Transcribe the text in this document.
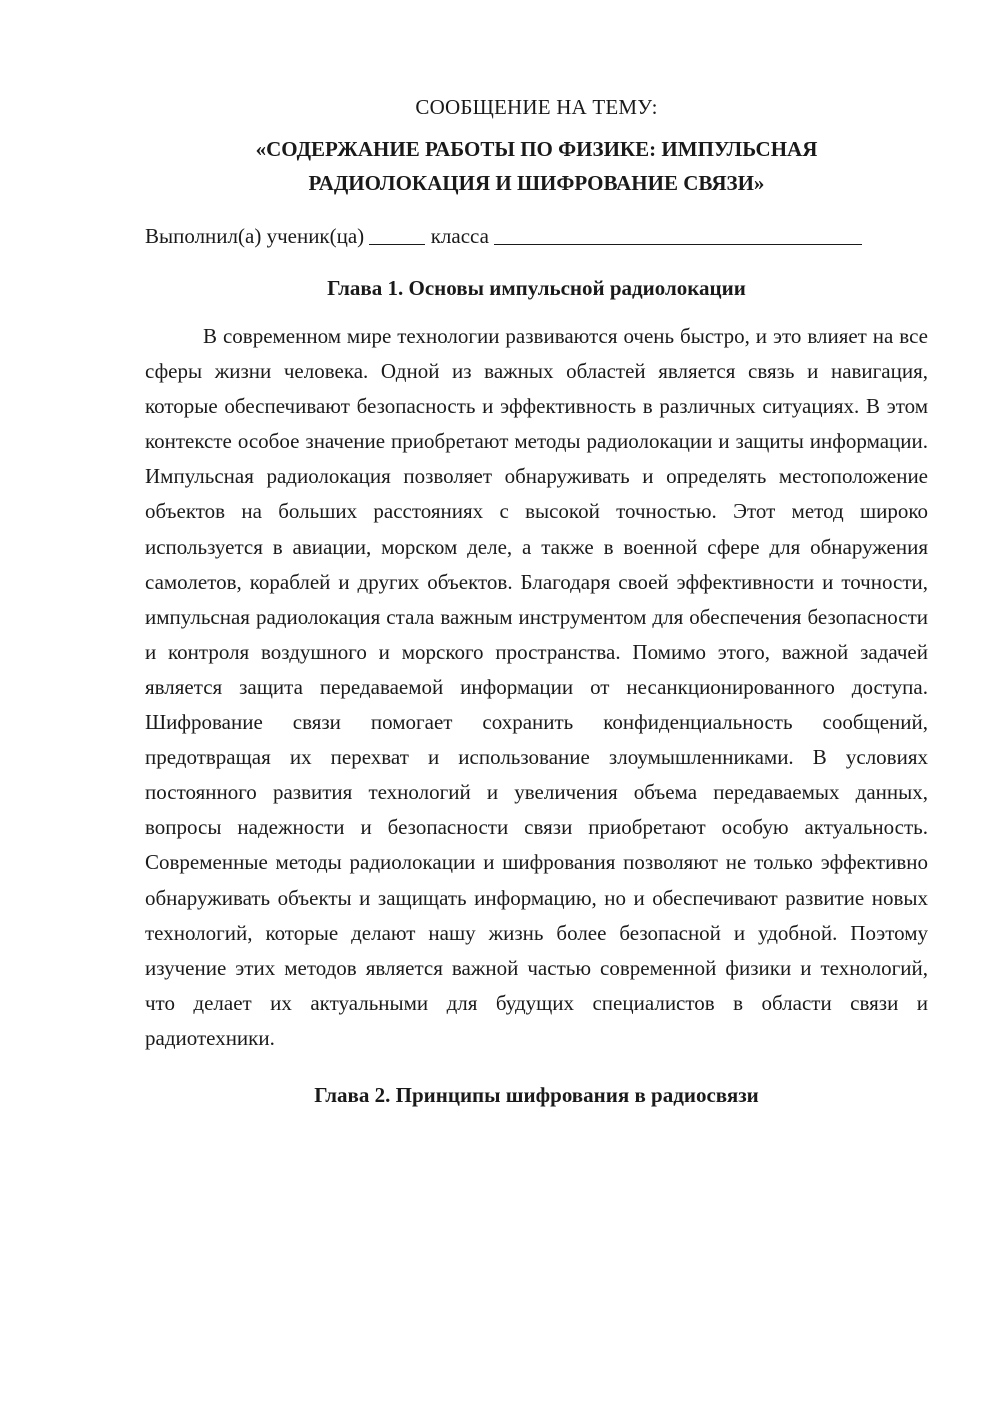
СООБЩЕНИЕ НА ТЕМУ:

«СОДЕРЖАНИЕ РАБОТЫ ПО ФИЗИКЕ: ИМПУЛЬСНАЯ
РАДИОЛОКАЦИЯ И ШИФРОВАНИЕ СВЯЗИ»

Выполнил(а) ученик(ца)	класса

Глава 1. Основы импульсной радиолокации

В современном мире технологии развиваются очень быстро, и это влияет на все сферы жизни человека. Одной из важных областей является связь и навигация, которые обеспечивают безопасность и эффективность в различных ситуациях. В этом контексте особое значение приобретают методы радиолокации и защиты информации. Импульсная радиолокация позволяет обнаруживать и определять местоположение объектов на больших расстояниях с высокой точностью. Этот метод широко используется в авиации, морском деле, а также в военной сфере для обнаружения самолетов, кораблей и других объектов. Благодаря своей эффективности и точности, импульсная радиолокация стала важным инструментом для обеспечения безопасности и контроля воздушного и морского пространства. Помимо этого, важной задачей является защита передаваемой информации от несанкционированного доступа. Шифрование связи помогает сохранить конфиденциальность сообщений, предотвращая их перехват и использование злоумышленниками. В условиях постоянного развития технологий и увеличения объема передаваемых данных, вопросы надежности и безопасности связи приобретают особую актуальность. Современные методы радиолокации и шифрования позволяют не только эффективно обнаруживать объекты и защищать информацию, но и обеспечивают развитие новых технологий, которые делают нашу жизнь более безопасной и удобной. Поэтому изучение этих методов является важной частью современной физики и технологий, что делает их актуальными для будущих специалистов в области связи и радиотехники.

Глава 2. Принципы шифрования в радиосвязи
